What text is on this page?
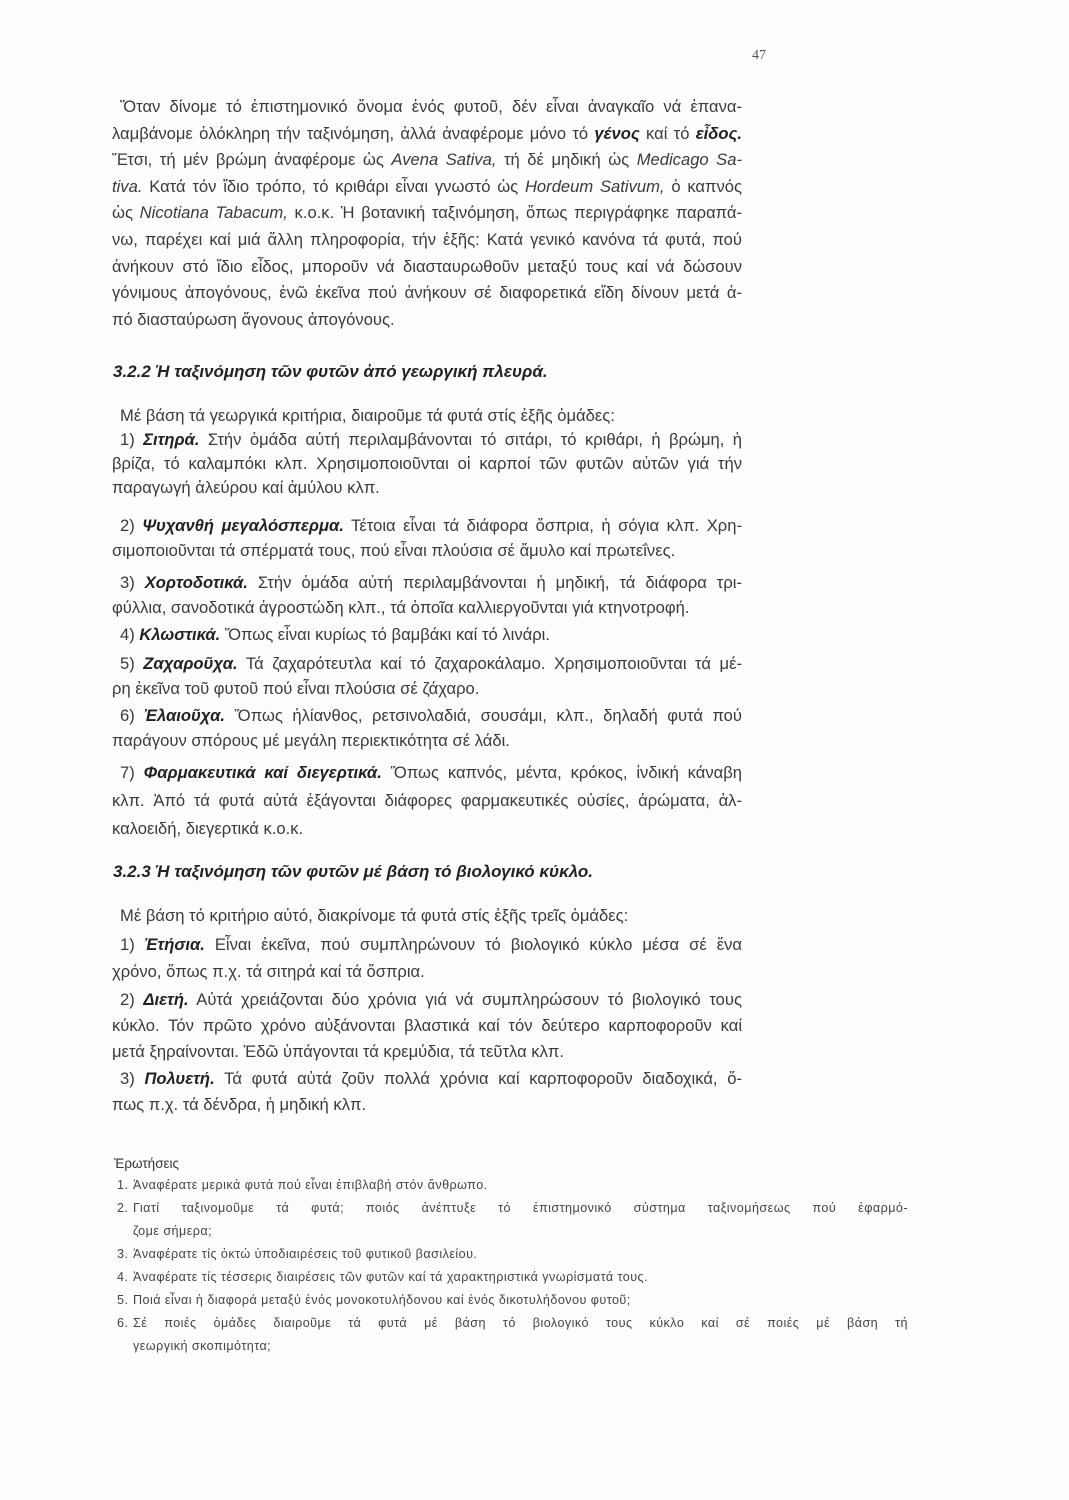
47
Ὅταν δίνομε τό ἐπιστημονικό ὄνομα ἑνός φυτοῦ, δέν εἶναι ἀναγκαῖο νά ἐπανα-
λαμβάνομε ὁλόκληρη τήν ταξινόμηση, ἀλλά ἀναφέρομε μόνο τό γένος καί τό εἶδος.
Ἔτσι, τή μέν βρώμη ἀναφέρομε ὡς Avena Sativa, τή δέ μηδική ὡς Medicago Sa-
tiva. Κατά τόν ἴδιο τρόπο, τό κριθάρι εἶναι γνωστό ὡς Hordeum Sativum, ὁ καπνός
ὡς Nicotiana Tabacum, κ.ο.κ. Ἡ βοτανική ταξινόμηση, ὅπως περιγράφηκε παραπά-
νω, παρέχει καί μιά ἄλλη πληροφορία, τήν ἑξῆς: Κατά γενικό κανόνα τά φυτά, πού
ἀνήκουν στό ἴδιο εἶδος, μποροῦν νά διασταυρωθοῦν μεταξύ τους καί νά δώσουν
γόνιμους ἀπογόνους, ἐνῶ ἐκεῖνα πού ἀνήκουν σέ διαφορετικά εἴδη δίνουν μετά ἀ-
πό διασταύρωση ἄγονους ἀπογόνους.
3.2.2 Ἡ ταξινόμηση τῶν φυτῶν ἀπό γεωργική πλευρά.
Μέ βάση τά γεωργικά κριτήρια, διαιροῦμε τά φυτά στίς ἑξῆς ὁμάδες:
1) Σιτηρά. Στήν ὁμάδα αὐτή περιλαμβάνονται τό σιτάρι, τό κριθάρι, ἡ βρώμη, ἡ
βρίζα, τό καλαμπόκι κλπ. Χρησιμοποιοῦνται οἱ καρποί τῶν φυτῶν αὐτῶν γιά τήν
παραγωγή ἀλεύρου καί ἀμύλου κλπ.
2) Ψυχανθή μεγαλόσπερμα. Τέτοια εἶναι τά διάφορα ὄσπρια, ἡ σόγια κλπ. Χρη-
σιμοποιοῦνται τά σπέρματά τους, πού εἶναι πλούσια σέ ἄμυλο καί πρωτεΐνες.
3) Χορτοδοτικά. Στήν ὁμάδα αὐτή περιλαμβάνονται ἡ μηδική, τά διάφορα τρι-
φύλλια, σανοδοτικά ἀγροστώδη κλπ., τά ὁποῖα καλλιεργοῦνται γιά κτηνοτροφή.
4) Κλωστικά. Ὅπως εἶναι κυρίως τό βαμβάκι καί τό λινάρι.
5) Ζαχαροῦχα. Τά ζαχαρότευτλα καί τό ζαχαροκάλαμο. Χρησιμοποιοῦνται τά μέ-
ρη ἐκεῖνα τοῦ φυτοῦ πού εἶναι πλούσια σέ ζάχαρο.
6) Ἐλαιοῦχα. Ὅπως ἡλίανθος, ρετσινολαδιά, σουσάμι, κλπ., δηλαδή φυτά πού
παράγουν σπόρους μέ μεγάλη περιεκτικότητα σέ λάδι.
7) Φαρμακευτικά καί διεγερτικά. Ὅπως καπνός, μέντα, κρόκος, ἰνδική κάναβη
κλπ. Ἀπό τά φυτά αὐτά ἐξάγονται διάφορες φαρμακευτικές οὐσίες, ἀρώματα, ἀλ-
καλοειδή, διεγερτικά κ.ο.κ.
3.2.3 Ἡ ταξινόμηση τῶν φυτῶν μέ βάση τό βιολογικό κύκλο.
Μέ βάση τό κριτήριο αὐτό, διακρίνομε τά φυτά στίς ἑξῆς τρεῖς ὁμάδες:
1) Ἐτήσια. Εἶναι ἐκεῖνα, πού συμπληρώνουν τό βιολογικό κύκλο μέσα σέ ἕνα
χρόνο, ὅπως π.χ. τά σιτηρά καί τά ὄσπρια.
2) Διετή. Αὐτά χρειάζονται δύο χρόνια γιά νά συμπληρώσουν τό βιολογικό τους
κύκλο. Τόν πρῶτο χρόνο αὐξάνονται βλαστικά καί τόν δεύτερο καρποφοροῦν καί
μετά ξηραίνονται. Ἐδῶ ὑπάγονται τά κρεμύδια, τά τεῦτλα κλπ.
3) Πολυετή. Τά φυτά αὐτά ζοῦν πολλά χρόνια καί καρποφοροῦν διαδοχικά, ὅ-
πως π.χ. τά δένδρα, ἡ μηδική κλπ.
Ἐρωτήσεις
1. Ἀναφέρατε μερικά φυτά πού εἶναι ἐπιβλαβή στόν ἄνθρωπο.
2. Γιατί ταξινομοῦμε τά φυτά; ποιός ἀνέπτυξε τό ἐπιστημονικό σύστημα ταξινομήσεως πού ἐφαρμό-
ζομε σήμερα;
3. Ἀναφέρατε τίς ὀκτώ ὑποδιαιρέσεις τοῦ φυτικοῦ βασιλείου.
4. Ἀναφέρατε τίς τέσσερις διαιρέσεις τῶν φυτῶν καί τά χαρακτηριστικά γνωρίσματά τους.
5. Ποιά εἶναι ἡ διαφορά μεταξύ ἑνός μονοκοτυλήδονου καί ἑνός δικοτυλήδονου φυτοῦ;
6. Σέ ποιές ὁμάδες διαιροῦμε τά φυτά μέ βάση τό βιολογικό τους κύκλο καί σέ ποιές μέ βάση τή
γεωργική σκοπιμότητα;
